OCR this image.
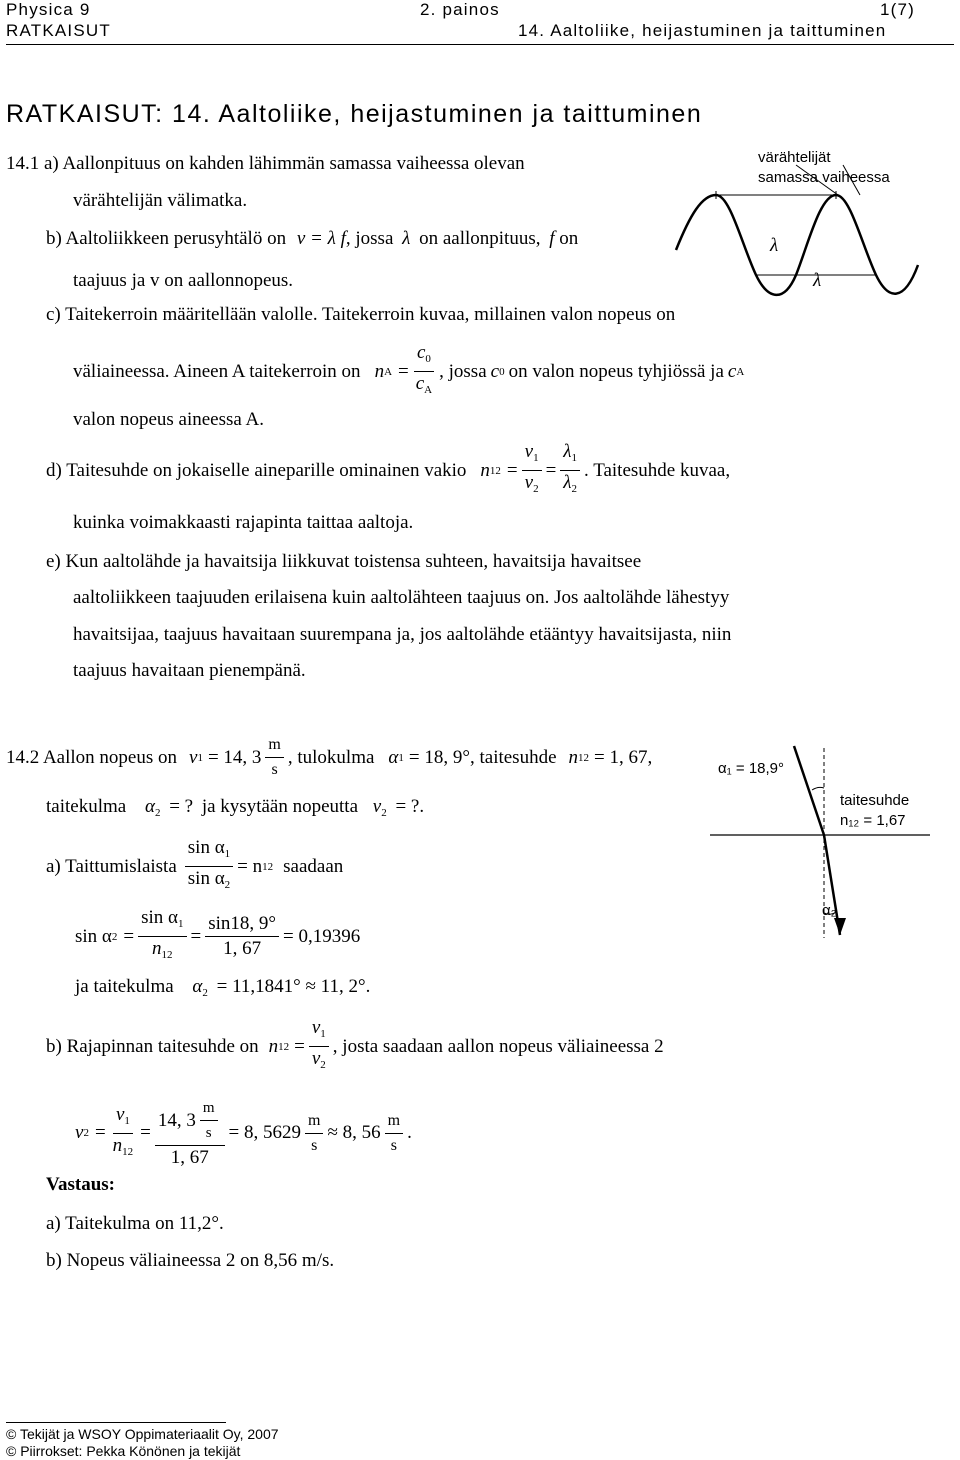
Physica 9	2. painos	1(7)
RATKAISUT	14. Aaltoliike, heijastuminen ja taittuminen
RATKAISUT: 14. Aaltoliike, heijastuminen ja taittuminen
14.1 a) Aallonpituus on kahden lähimmän samassa vaiheessa olevan
värähtelijän välimatka.
b) Aaltoliikkeen perusyhtälö on v = λ f, jossa λ on aallonpituus, f on
taajuus ja v on aallonnopeus.
c) Taitekerroin määritellään valolle. Taitekerroin kuvaa, millainen valon nopeus on
väliaineessa. Aineen A taitekerroin on n $A = \frac{c_0}{c_A}$ , jossa c 0 on valon nopeus tyhjiössä ja c A
valon nopeus aineessa A.
d) Taitesuhde on jokaiselle aineparille ominainen vakio n $12 = \frac{v_1}{v_2} = \frac{\lambda_1}{\lambda_2}$ . Taitesuhde kuvaa,
kuinka voimakkaasti rajapinta taittaa aaltoja.
e) Kun aaltolähde ja havaitsija liikkuvat toistensa suhteen, havaitsija havaitsee
aaltoliikkeen taajuuden erilaisena kuin aaltolähteen taajuus on. Jos aaltolähde lähestyy
havaitsijaa, taajuus havaitaan suurempana ja, jos aaltolähde etääntyy havaitsijasta, niin
taajuus havaitaan pienempänä.
värähtelijät
samassa vaiheessa
λ
λ
14.2 Aallon nopeus on v 1 = 14, $3 \frac{m}{s}$ , tulokulma α 1 = 18, 9° , taitesuhde n 12 = 1, 67 ,
taitekulma $\alpha_2$ = ? ja kysytään nopeutta $v_2$ = ?.
a) Taittumislaista $\frac{\sin \alpha_1}{\sin \alpha_2} = n$ 12 saadaan
sin α $2 = \frac{\sin \alpha_1}{n_{12}} = \frac{\sin 18, 9^\circ}{1, 67} = 0,19396$
ja taitekulma $\alpha_2 = 11,1841^\circ \approx 11$, 2°.
b) Rajapinnan taitesuhde on n $12 = \frac{v_1}{v_2}$ , josta saadaan aallon nopeus väliaineessa 2
v $2 = \frac{v_1}{n_{12}} = \frac{14, 3 \frac{m}{s}}{1, 67} = 8$, $5629 \frac{m}{s} \approx 8$, $56 \frac{m}{s}$ .
Vastaus:
a) Taitekulma on 11,2°.
b) Nopeus väliaineessa 2 on 8,56 m/s.
α₁ = 18,9°
taitesuhde
n₁₂ = 1,67
α₂
© Tekijät ja WSOY Oppimateriaalit Oy, 2007
© Piirrokset: Pekka Könönen ja tekijät
